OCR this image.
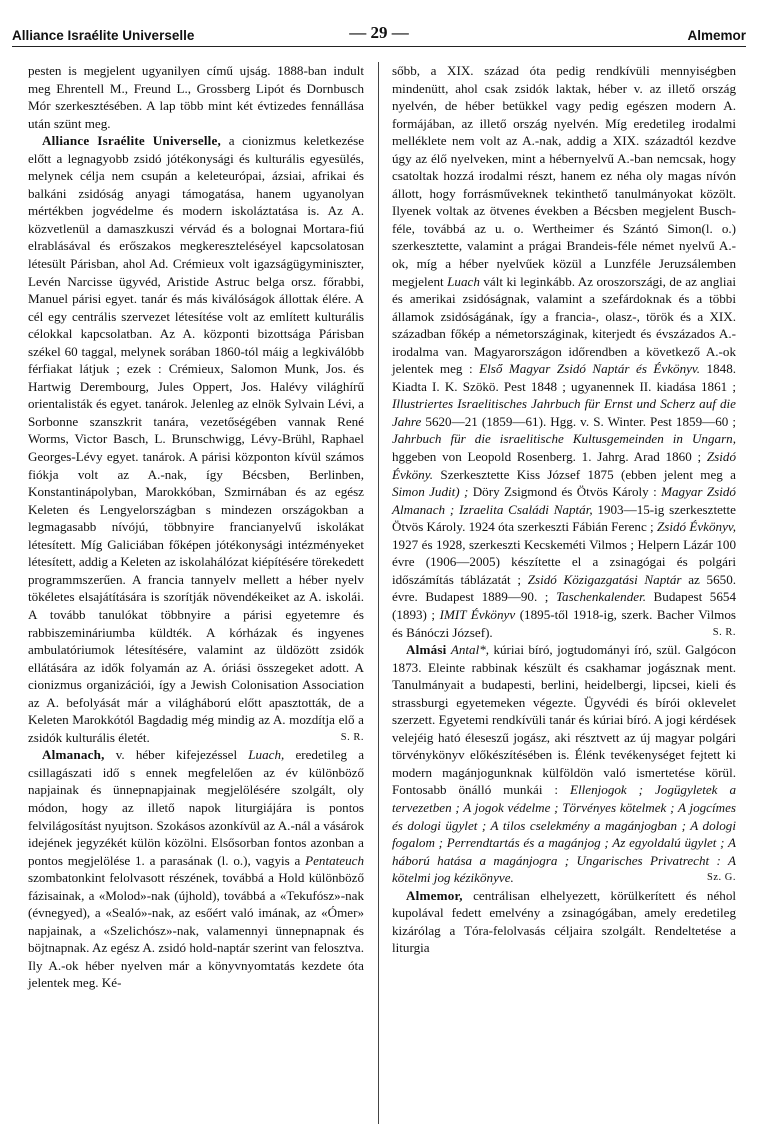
Alliance Israélite Universelle	— 29 —	Almemor

pesten is megjelent ugyanilyen című ujság. 1888-ban indult meg Ehrentell M., Freund L., Grossberg Lipót és Dornbusch Mór szerkesztésében. A lap több mint két évtizedes fennállása után szünt meg.

Alliance Israélite Universelle, a cionizmus keletkezése előtt a legnagyobb zsidó jótékonysági és kulturális egyesülés, melynek célja nem csupán a keleteurópai, ázsiai, afrikai és balkáni zsidóság anyagi támogatása, hanem ugyanolyan mértékben jogvédelme és modern iskoláztatása is. Az A. közvetlenül a damaszkuszi vérvád és a bolognai Mortara-fiú elrablásával és erőszakos megkereszteléséyel kapcsolatosan létesült Párisban, ahol Ad. Crémieux volt igazságügyminiszter, Levén Narcisse ügyvéd, Aristide Astruc belga orsz. főrabbi, Manuel párisi egyet. tanár és más kiválóságok állottak élére. A cél egy centrális szervezet létesítése volt az említett kulturális célokkal kapcsolatban. Az A. központi bizottsága Párisban székel 60 taggal, melynek sorában 1860-tól máig a legkiválóbb férfiakat látjuk ; ezek : Crémieux, Salomon Munk, Jos. és Hartwig Derembourg, Jules Oppert, Jos. Halévy világhírű orientalisták és egyet. tanárok. Jelenleg az elnök Sylvain Lévi, a Sorbonne szanszkrit tanára, vezetőségében vannak René Worms, Victor Basch, L. Brunschwigg, Lévy-Brühl, Raphael Georges-Lévy egyet. tanárok. A párisi központon kívül számos fiókja volt az A.-nak, így Bécsben, Berlinben, Konstantinápolyban, Marokkóban, Szmirnában és az egész Keleten és Lengyelországban s mindezen országokban a legmagasabb nívójú, többnyire francianyelvű iskolákat létesített. Míg Galiciában főképen jótékonysági intézményeket létesített, addig a Keleten az iskolahálózat kiépítésére törekedett programmszerűen. A francia tannyelv mellett a héber nyelv tökéletes elsajátítására is szorítják növendékeiket az A. iskolái. A tovább tanulókat többnyire a párisi egyetemre és rabbiszemináriumba küldték. A kórházak és ingyenes ambulatóriumok létesítésére, valamint az üldözött zsidók ellátására az idők folyamán az A. óriási összegeket adott. A cionizmus organizációi, így a Jewish Colonisation Association az A. befolyását már a világháború előtt apasztották, de a Keleten Marokkótól Bagdadig még mindig az A. mozdítja elő a zsidók kulturális életét.	S. R.

Almanach, v. héber kifejezéssel Luach, eredetileg a csillagászati idő s ennek megfelelően az év különböző napjainak és ünnepnapjainak megjelölésére szolgált, oly módon, hogy az illető napok liturgiájára is pontos felvilágosítást nyujtson. Szokásos azonkívül az A.-nál a vásárok idejének jegyzékét külön közölni. Elsősorban fontos azonban a pontos megjelölése 1. a parasának (l. o.), vagyis a Pentateuch szombatonkint felolvasott részének, továbbá a Hold különböző fázisainak, a «Molod»-nak (újhold), továbbá a «Tekufósz»-nak (évnegyed), a «Sealó»-nak, az esőért való imának, az «Ómer» napjainak, a «Szelichósz»-nak, valamennyi ünnepnapnak és böjtnapnak. Az egész A. zsidó hold-naptár szerint van felosztva. Ily A.-ok héber nyelven már a könyvnyomtatás kezdete óta jelentek meg. Ké-

sőbb, a XIX. század óta pedig rendkívüli mennyiségben mindenütt, ahol csak zsidók laktak, héber v. az illető ország nyelvén, de héber betükkel vagy pedig egészen modern A. formájában, az illető ország nyelvén. Míg eredetileg irodalmi melléklete nem volt az A.-nak, addig a XIX. századtól kezdve úgy az élő nyelveken, mint a hébernyelvű A.-ban nemcsak, hogy csatoltak hozzá irodalmi részt, hanem ez néha oly magas nívón állott, hogy forrásműveknek tekinthető tanulmányokat közölt. Ilyenek voltak az ötvenes években a Bécsben megjelent Busch-féle, továbbá az u. o. Wertheimer és Szántó Simon(l. o.) szerkesztette, valamint a prágai Brandeis-féle német nyelvű A.-ok, míg a héber nyelvűek közül a Lunzféle Jeruzsálemben megjelent Luach vált ki leginkább. Az oroszországi, de az angliai és amerikai zsidóságnak, valamint a szefárdoknak és a többi államok zsidóságának, így a francia-, olasz-, török és a XIX. században főkép a németországinak, kiterjedt és évszázados A.-irodalma van. Magyarországon időrendben a következő A.-ok jelentek meg : Első Magyar Zsidó Naptár és Évkönyv. 1848. Kiadta I. K. Szökö. Pest 1848 ; ugyanennek II. kiadása 1861 ; Illustriertes Israelitisches Jahrbuch für Ernst und Scherz auf die Jahre 5620—21 (1859—61). Hgg. v. S. Winter. Pest 1859—60 ; Jahrbuch für die israelitische Kultusgemeinden in Ungarn, hggeben von Leopold Rosenberg. 1. Jahrg. Arad 1860 ; Zsidó Évköny. Szerkesztette Kiss József 1875 (ebben jelent meg a Simon Judit) ; Döry Zsigmond és Ötvös Károly : Magyar Zsidó Almanach ; Izraelita Családi Naptár, 1903—15-ig szerkesztette Ötvös Károly. 1924 óta szerkeszti Fábián Ferenc ; Zsidó Évkönyv, 1927 és 1928, szerkeszti Kecskeméti Vilmos ; Helpern Lázár 100 évre (1906—2005) készítette el a zsinagógai és polgári időszámítás táblázatát ; Zsidó Közigazgatási Naptár az 5650. évre. Budapest 1889—90. ; Taschenkalender. Budapest 5654 (1893) ; IMIT Évkönyv (1895-től 1918-ig, szerk. Bacher Vilmos és Bánóczi József).	S. R.

Almási Antal*, kúriai bíró, jogtudományi író, szül. Galgócon 1873. Eleinte rabbinak készült és csakhamar jogásznak ment. Tanulmányait a budapesti, berlini, heidelbergi, lipcsei, kieli és strassburgi egyetemeken végezte. Ügyvédi és bírói oklevelet szerzett. Egyetemi rendkívüli tanár és kúriai bíró. A jogi kérdések velejéig ható éleseszű jogász, aki résztvett az új magyar polgári törvénykönyv előkészítésében is. Élénk tevékenységet fejtett ki modern magánjogunknak külföldön való ismertetése körül. Fontosabb önálló munkái : Ellenjogok ; Jogügyletek a tervezetben ; A jogok védelme ; Törvényes kötelmek ; A jogcímes és dologi ügylet ; A tilos cselekmény a magánjogban ; A dologi fogalom ; Perrendtartás és a magánjog ; Az egyoldalú ügylet ; A háború hatása a magánjogra ; Ungarisches Privatrecht : A kötelmi jog kézikönyve.	Sz. G.

Almemor, centrálisan elhelyezett, körülkerített és néhol kupolával fedett emelvény a zsinagógában, amely eredetileg kizárólag a Tóra-felolvasás céljaira szolgált. Rendeltetése a liturgia
